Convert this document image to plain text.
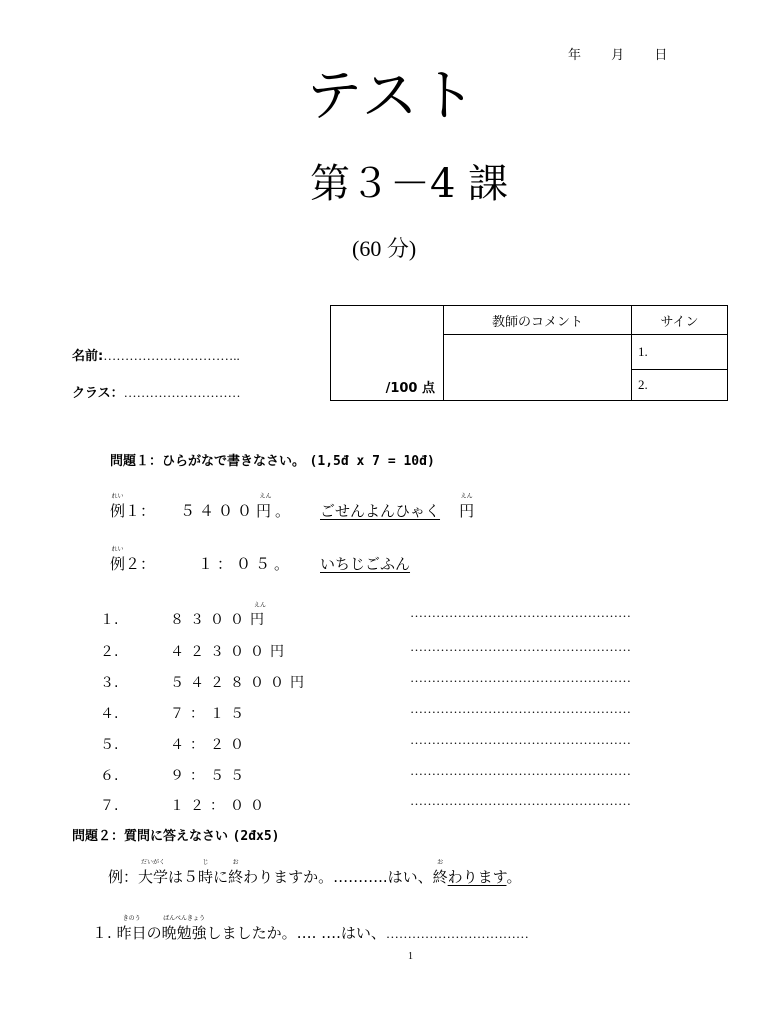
年 月 日
テスト
第３－4 課
(60 分)
/100 点	教師のコメント	サイン
		1.
		2.
名前:…………………………..
クラス：………………………
問題１：ひらがなで書きなさい。 (1,5đ x 7 = 10đ)
れい
例１： ５４００
えん
円。 ごせんよんひゃく
えん
円
れい
例２：	１：０５。 いちじごふん
１.	８３００
えん
円	……………………………………………
２.	４２３００円	……………………………………………
３.	５４２８００円	……………………………………………
４.	７：１５	……………………………………………
５.	４：２０	……………………………………………
６.	９：５５	……………………………………………
７.	１２：００	……………………………………………
問題２：質問に答えなさい (2đx5)
例：
だいがく
大学は５
じ
時に
お
終わりますか。………..はい、
お
終わります。
１.
きのう
昨日の
ばんべんきょう
晩勉強しましたか。…. ….はい、……………………………
1
